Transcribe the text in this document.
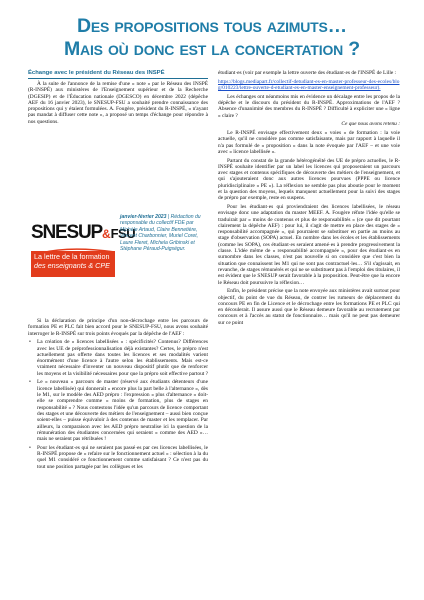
Des propositions tous azimuts…
Mais où donc est la concertation ?
Échange avec le président du Réseau des INSPÉ

À la suite de l'annonce de la remise d'une « note » par le Réseau des INSPÉ (R-INSPÉ) aux ministères de l'Enseignement supérieur et de la Recherche (DGESIP) et de l'Éducation nationale (DGESCO) en décembre 2022 (dépêche AEF du 16 janvier 2023), le SNESUP-FSU a souhaité prendre connaissance des propositions qui y étaient formulées. A. Fougère, président du R-INSPÉ, « n'ayant pas mandat à diffuser cette note », a proposé un temps d'échange pour répondre à nos questions.

SNESUP&FSU
La lettre de la formation
des enseignants & CPE
janvier-février 2023 | Rédaction du responsable du collectif FDE par Michèle Artaud, Claire Bennetière, Vincent Charbonnier, Muriel Coret, Laure Fleret, Michela Gribinski et Stéphane Péraud-Puigségur.

Si la déclaration de principe d'un non-décrochage entre les parcours de formation PE et PLC fait bien accord pour le SNESUP-FSU, nous avons souhaité interroger le R-INSPÉ sur trois points évoqués par la dépêche de l'AEF :

• La création de « licences labellisées » : spécificités? Contenus? Différences avec les UE de préprofessionnalisation déjà existantes? Certes, le prépro n'est actuellement pas offerte dans toutes les licences et ses modalités varient énormément d'une licence à l'autre selon les établissements. Mais est-ce vraiment nécessaire d'inventer un nouveau dispositif plutôt que de renforcer les moyens et la visibilité nécessaires pour que la prépro soit effective partout ?
• Le « nouveau » parcours de master (réservé aux étudiants détenteurs d'une licence labellisée) qui donnerait « encore plus la part belle à l'alternance », dès le M1, sur le modèle des AED prépro : l'expression « plus d'alternance » doit-elle se comprendre comme « moins de formation, plus de stages en responsabilité » ? Nous contestons l'idée qu'un parcours de licence comportant des stages et une découverte des métiers de l'enseignement – aussi bien conçue soient-elles – puisse équivaloir à des contenus de master et les remplacer. Par ailleurs, la comparaison avec les AED prépro neutralise ici la question de la rémunération des étudiantes concernées qui seraient « comme des AED »… mais ne seraient pas rétribuées !
• Pour les étudiant·es qui ne seraient pas passé·es par ces licences labellisées, le R-INSPÉ propose de « refaire sur le fonctionnement actuel » : sélection à la du quel M1 considéré ce fonctionnement comme satisfaisant ? Ce n'est pas du tout une position partagée par les collègues et les

étudiant·es (voir par exemple la lettre ouverte des étudiant·es de l'INSPÉ de Lille :

https://blogs.mediapart.fr/collectif-detudiant-es-en-master-professeur-des-ecoles/blog/010223/lettre-ouverte-d-etudiant-es-en-master-enseignement-professeur).

Les échanges ont néanmoins mis en évidence un décalage entre les propos de la dépêche et le discours du président du R-INSPÉ. Approximations de l'AEF ? Absence d'unanimité des membres du R-INSPÉ ? Difficulté à expliciter une « ligne » claire ?

Ce que nous avons retenu :

Le R-INSPÉ envisage effectivement deux « voies » de formation : la voie actuelle, qu'il ne considère pas comme satisfaisante, mais par rapport à laquelle il n'a pas formulé de « proposition » dans la note évoquée par l'AEF – et une voie avec « licence labellisée ».

Partant du constat de la grande hétérogénéité des UE de prépro actuelles, le R-INSPÉ souhaite identifier par un label les licences qui proposeraient un parcours avec stages et contenus spécifiques de découverte des métiers de l'enseignement, et qui s'ajouteraient donc aux autres licences pourvues (PPPE ou licence pluridisciplinaire « PE »). La réflexion ne semble pas plus aboutie pour le moment et la question des moyens, lequels manquent actuellement pour la suivi des stages de prépro par exemple, reste en suspens.

Pour les étudiant·es qui proviendraient des licences labellisées, le réseau envisage donc une adaptation du master MEEF. A. Fougère réfute l'idée qu'elle se traduirait par « moins de contenus et plus de responsabilités » (ce que dit pourtant clairement la dépêche AEF) : pour lui, il s'agit de mettre en place des stages de « responsabilité accompagnée », qui pourraient se substituer en partie au moins au stage d'observation (SOPA) actuel. En nombre dans les écoles et les établissements (comme les SOPA), ces étudiant·es seraient amené·es à prendre progressivement la classe. L'idée même de « responsabilité accompagnée », pour des étudiant·es en surnombre dans les classes, n'est pas nouvelle si on considère que c'est bien la situation que connaissent les M1 qui ne sont pas contractuel·les… S'il s'agissait, en revanche, de stages rémunérés et qui ne se substituent pas à l'emploi des titulaires, il est évident que le SNESUP serait favorable à la proposition. Peut-être que la encore le Réseau doit poursuivre la réflexion…

Enfin, le président précise que la note envoyée aux ministères avait surtout pour objectif, du point de vue du Réseau, de contrer les rumeurs de déplacement du concours PE en fin de Licence et le décrochage entre les formations PE et PLC qui en découlerait. Il assure aussi que le Réseau demeure favorable au recrutement par concours et à l'accès au statut de fonctionnaire… mais qu'il ne peut pas demeurer sur ce point
